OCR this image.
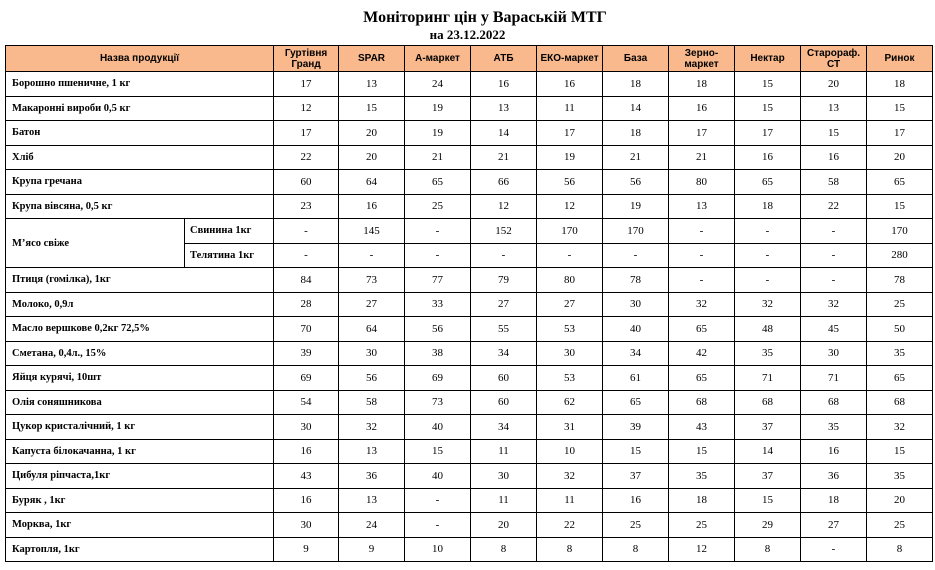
Моніторинг цін у Вараській МТГ
на 23.12.2022
Назва продукції		Гуртівня Гранд	SPAR	А-маркет	АТБ	ЕКО-маркет	База	Зерно-маркет	Нектар	Старораф. СТ	Ринок
Борошно пшеничне, 1 кг		17	13	24	16	16	18	18	15	20	18
Макаронні вироби 0,5 кг		12	15	19	13	11	14	16	15	13	15
Батон		17	20	19	14	17	18	17	17	15	17
Хліб		22	20	21	21	19	21	21	16	16	20
Крупа гречана		60	64	65	66	56	56	80	65	58	65
Крупа вівсяна, 0,5 кг		23	16	25	12	12	19	13	18	22	15
М’ясо свіже	Свинина 1кг	-	145	-	152	170	170	-	-	-	170
	Телятина 1кг	-	-	-	-	-	-	-	-	-	280
Птиця (гомілка), 1кг		84	73	77	79	80	78	-	-	-	78
Молоко, 0,9л		28	27	33	27	27	30	32	32	32	25
Масло вершкове 0,2кг 72,5%		70	64	56	55	53	40	65	48	45	50
Сметана, 0,4л., 15%		39	30	38	34	30	34	42	35	30	35
Яйця курячі, 10шт		69	56	69	60	53	61	65	71	71	65
Олія соняшникова		54	58	73	60	62	65	68	68	68	68
Цукор кристалічний, 1 кг		30	32	40	34	31	39	43	37	35	32
Капуста білокачанна, 1 кг		16	13	15	11	10	15	15	14	16	15
Цибуля ріпчаста,1кг		43	36	40	30	32	37	35	37	36	35
Буряк , 1кг		16	13	-	11	11	16	18	15	18	20
Морква, 1кг		30	24	-	20	22	25	25	29	27	25
Картопля, 1кг		9	9	10	8	8	8	12	8	-	8
